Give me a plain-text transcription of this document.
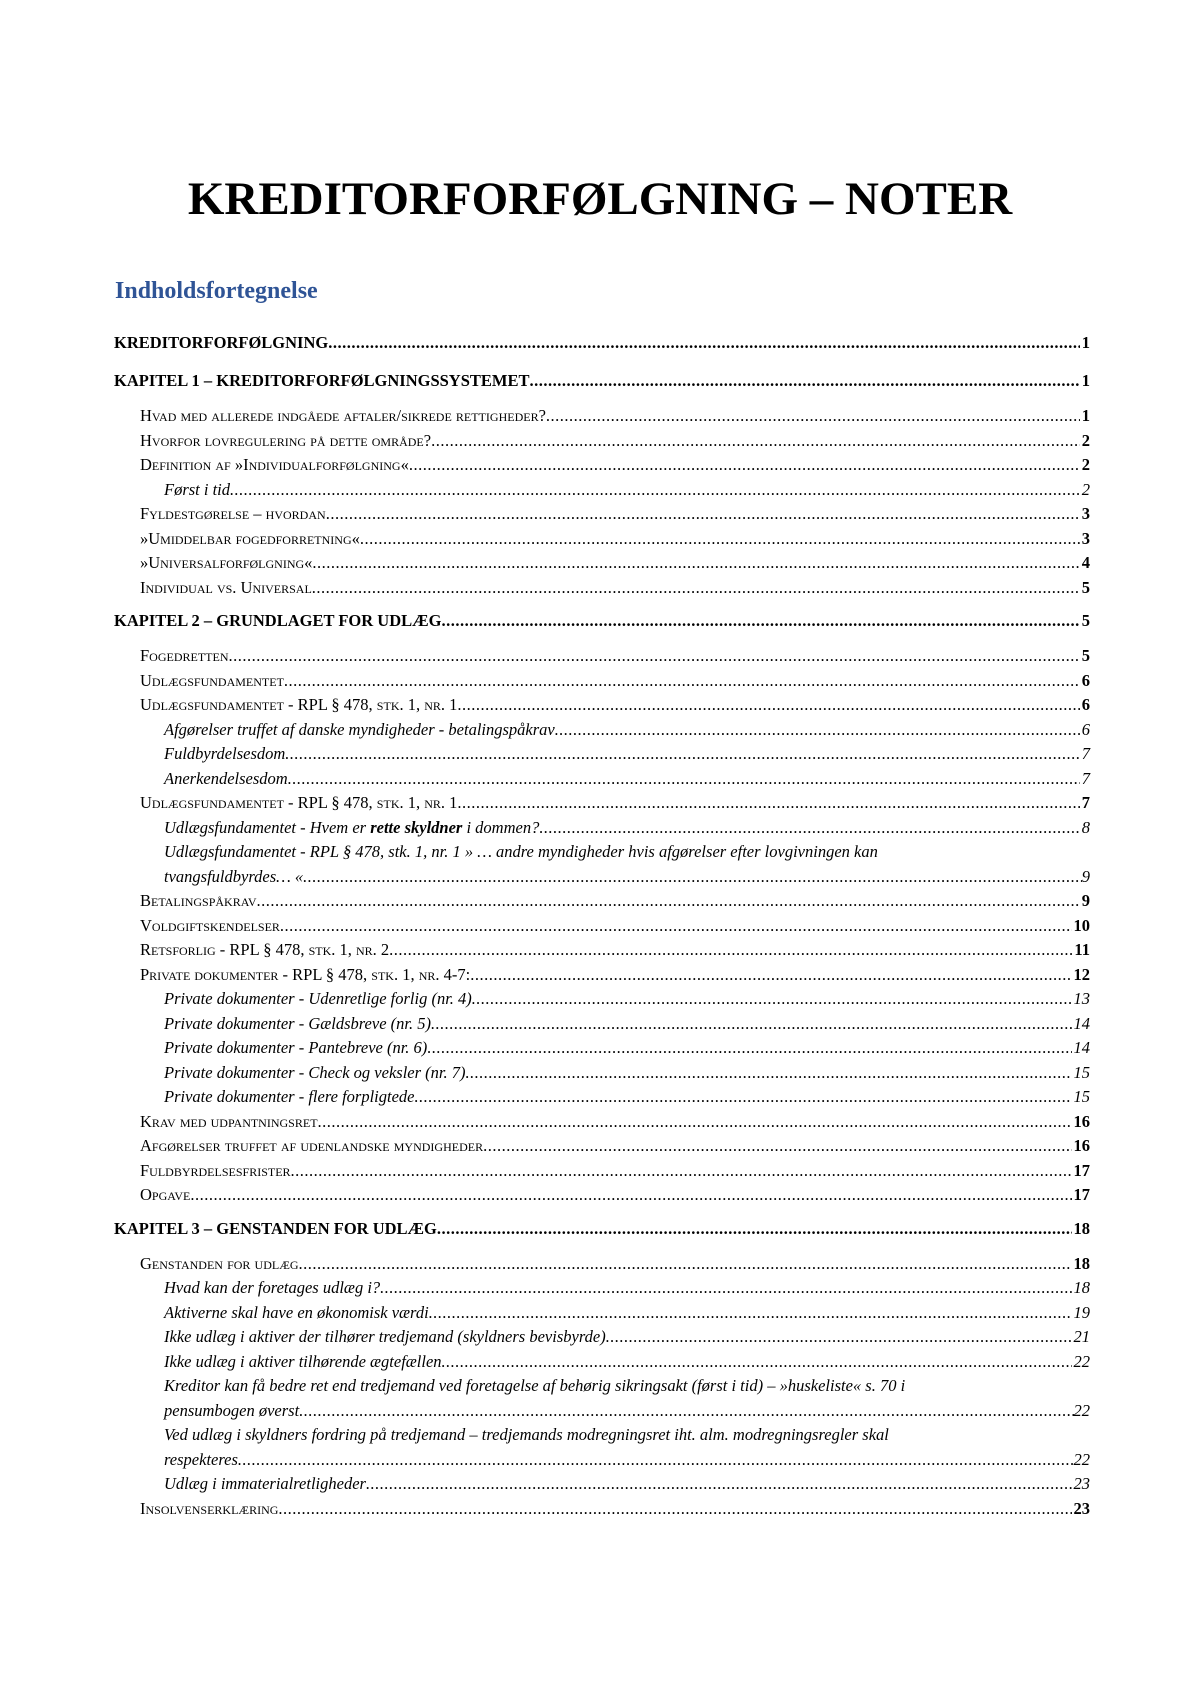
KREDITORFORFØLGNING – NOTER
Indholdsfortegnelse
KREDITORFORFØLGNING .....	1
KAPITEL 1 – KREDITORFORFØLGNINGSSYSTEMET .....	1
Hvad med allerede indgåede aftaler/sikrede rettigheder? .....	1
Hvorfor lovregulering på dette område? .....	2
Definition af »Individualforfølgning« .....	2
Først i tid .....	2
Fyldestgørelse – hvordan .....	3
»Umiddelbar fogedforretning« .....	3
»Universalforfølgning« .....	4
Individual vs. Universal .....	5
KAPITEL 2 – GRUNDLAGET FOR UDLÆG .....	5
Fogedretten .....	5
Udlægsfundamentet .....	6
Udlægsfundamentet - RPL § 478, stk. 1, nr. 1 .....	6
Afgørelser truffet af danske myndigheder - betalingspåkrav .....	6
Fuldbyrdelsesdom .....	7
Anerkendelsesdom .....	7
Udlægsfundamentet - RPL § 478, stk. 1, nr. 1 .....	7
Udlægsfundamentet - Hvem er rette skyldner i dommen? .....	8
Udlægsfundamentet - RPL § 478, stk. 1, nr. 1 » … andre myndigheder hvis afgørelser efter lovgivningen kan
tvangsfuldbyrdes… « .....	9
Betalingspåkrav .....	9
Voldgiftskendelser .....	10
Retsforlig - RPL § 478, stk. 1, nr. 2 .....	11
Private dokumenter - RPL § 478, stk. 1, nr. 4-7: .....	12
Private dokumenter - Udenretlige forlig (nr. 4) .....	13
Private dokumenter - Gældsbreve (nr. 5) .....	14
Private dokumenter - Pantebreve (nr. 6) .....	14
Private dokumenter - Check og veksler (nr. 7) .....	15
Private dokumenter - flere forpligtede .....	15
Krav med udpantningsret .....	16
Afgørelser truffet af udenlandske myndigheder .....	16
Fuldbyrdelsesfrister .....	17
Opgave .....	17
KAPITEL 3 – GENSTANDEN FOR UDLÆG .....	18
Genstanden for udlæg .....	18
Hvad kan der foretages udlæg i? .....	18
Aktiverne skal have en økonomisk værdi .....	19
Ikke udlæg i aktiver der tilhører tredjemand (skyldners bevisbyrde) .....	21
Ikke udlæg i aktiver tilhørende ægtefællen .....	22
Kreditor kan få bedre ret end tredjemand ved foretagelse af behørig sikringsakt (først i tid) – »huskeliste« s. 70 i
pensumbogen øverst .....	22
Ved udlæg i skyldners fordring på tredjemand – tredjemands modregningsret iht. alm. modregningsregler skal
respekteres .....	22
Udlæg i immaterialretligheder .....	23
Insolvenserklæring .....	23
